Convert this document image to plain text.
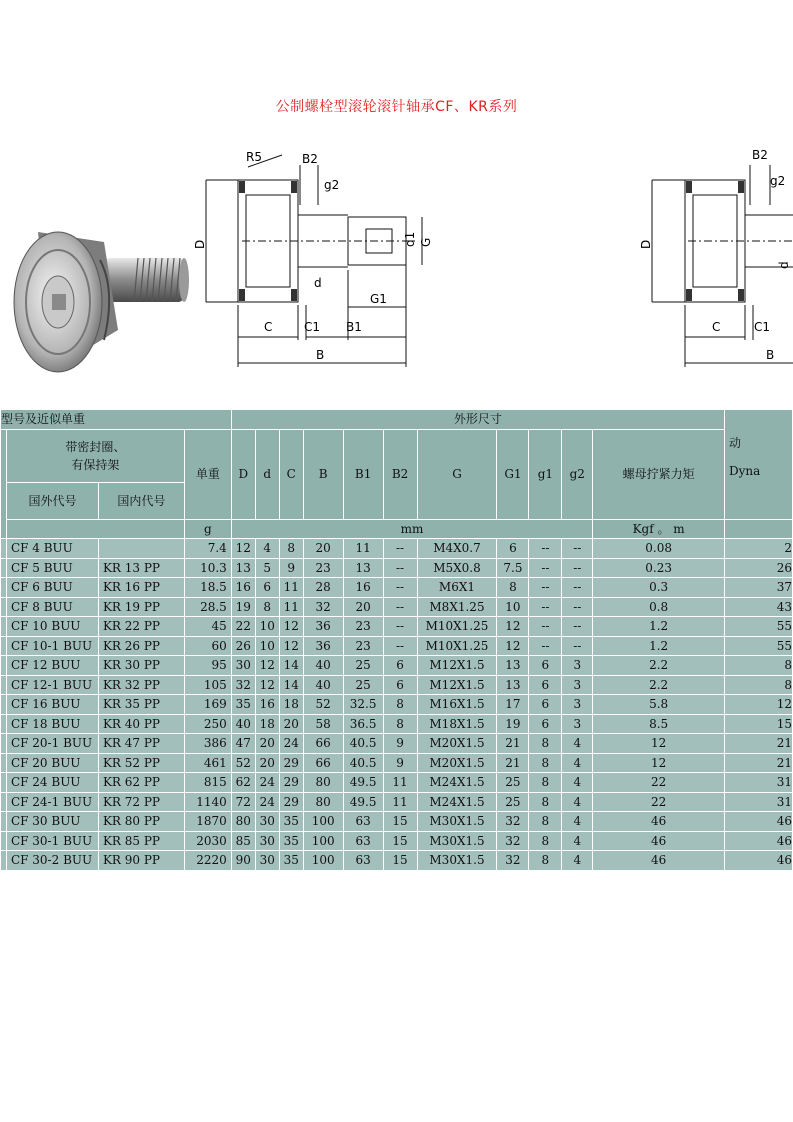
公制螺栓型滚轮滚针轴承CF、KR系列
R5	B2
g2
D	d1 G
d
G1
C	C1 B1
B
B2
g2
D
d
C	C1
B
型号及近似单重				外形尺寸											动
Dyna

	带密封圈、
有保持架		单重	D	d	C	B	B1	B2	G	G1	g1	g2	螺母拧紧力矩	
	国外代号	国内代号													
			g	mm										Kgf 。 m	
	CF 4 BUU		7.4	12	4	8	20	11	--	M4X0.7	6	--	--	0.08	2
	CF 5 BUU	KR 13 PP	10.3	13	5	9	23	13	--	M5X0.8	7.5	--	--	0.23	26
	CF 6 BUU	KR 16 PP	18.5	16	6	11	28	16	--	M6X1	8	--	--	0.3	37
	CF 8 BUU	KR 19 PP	28.5	19	8	11	32	20	--	M8X1.25	10	--	--	0.8	43
	CF 10 BUU	KR 22 PP	45	22	10	12	36	23	--	M10X1.25	12	--	--	1.2	55
	CF 10-1 BUU	KR 26 PP	60	26	10	12	36	23	--	M10X1.25	12	--	--	1.2	55
	CF 12 BUU	KR 30 PP	95	30	12	14	40	25	6	M12X1.5	13	6	3	2.2	8
	CF 12-1 BUU	KR 32 PP	105	32	12	14	40	25	6	M12X1.5	13	6	3	2.2	8
	CF 16 BUU	KR 35 PP	169	35	16	18	52	32.5	8	M16X1.5	17	6	3	5.8	12
	CF 18 BUU	KR 40 PP	250	40	18	20	58	36.5	8	M18X1.5	19	6	3	8.5	15
	CF 20-1 BUU	KR 47 PP	386	47	20	24	66	40.5	9	M20X1.5	21	8	4	12	21
	CF 20 BUU	KR 52 PP	461	52	20	29	66	40.5	9	M20X1.5	21	8	4	12	21
	CF 24 BUU	KR 62 PP	815	62	24	29	80	49.5	11	M24X1.5	25	8	4	22	31
	CF 24-1 BUU	KR 72 PP	1140	72	24	29	80	49.5	11	M24X1.5	25	8	4	22	31
	CF 30 BUU	KR 80 PP	1870	80	30	35	100	63	15	M30X1.5	32	8	4	46	46
	CF 30-1 BUU	KR 85 PP	2030	85	30	35	100	63	15	M30X1.5	32	8	4	46	46
	CF 30-2 BUU	KR 90 PP	2220	90	30	35	100	63	15	M30X1.5	32	8	4	46	46
